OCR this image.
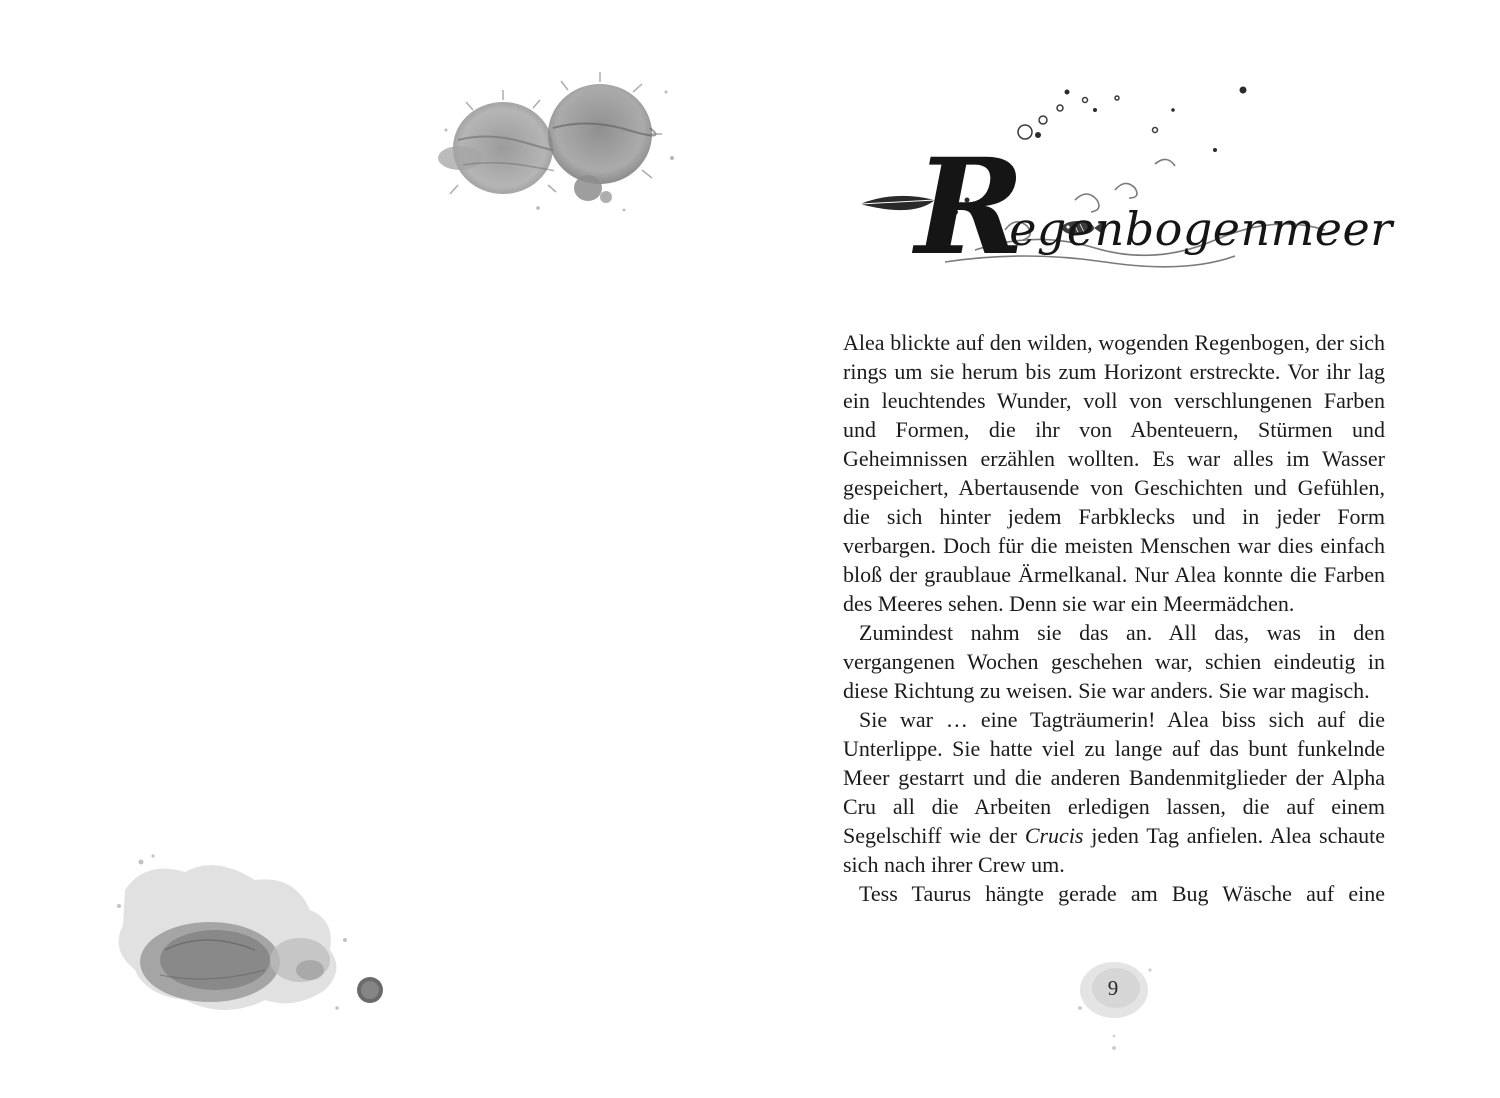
Regenbogenmeer

Alea blickte auf den wilden, wogenden Regenbogen, der sich rings um sie herum bis zum Horizont erstreckte. Vor ihr lag ein leuchtendes Wunder, voll von verschlungenen Farben und Formen, die ihr von Abenteuern, Stürmen und Geheimnissen erzählen wollten. Es war alles im Wasser gespeichert, Abertausende von Geschichten und Gefühlen, die sich hinter jedem Farbklecks und in jeder Form verbargen. Doch für die meisten Menschen war dies einfach bloß der graublaue Ärmelkanal. Nur Alea konnte die Farben des Meeres sehen. Denn sie war ein Meermädchen.

Zumindest nahm sie das an. All das, was in den vergangenen Wochen geschehen war, schien eindeutig in diese Richtung zu weisen. Sie war anders. Sie war magisch.

Sie war … eine Tagträumerin! Alea biss sich auf die Unterlippe. Sie hatte viel zu lange auf das bunt funkelnde Meer gestarrt und die anderen Bandenmitglieder der Alpha Cru all die Arbeiten erledigen lassen, die auf einem Segelschiff wie der Crucis jeden Tag anfielen. Alea schaute sich nach ihrer Crew um.

Tess Taurus hängte gerade am Bug Wäsche auf eine

9
